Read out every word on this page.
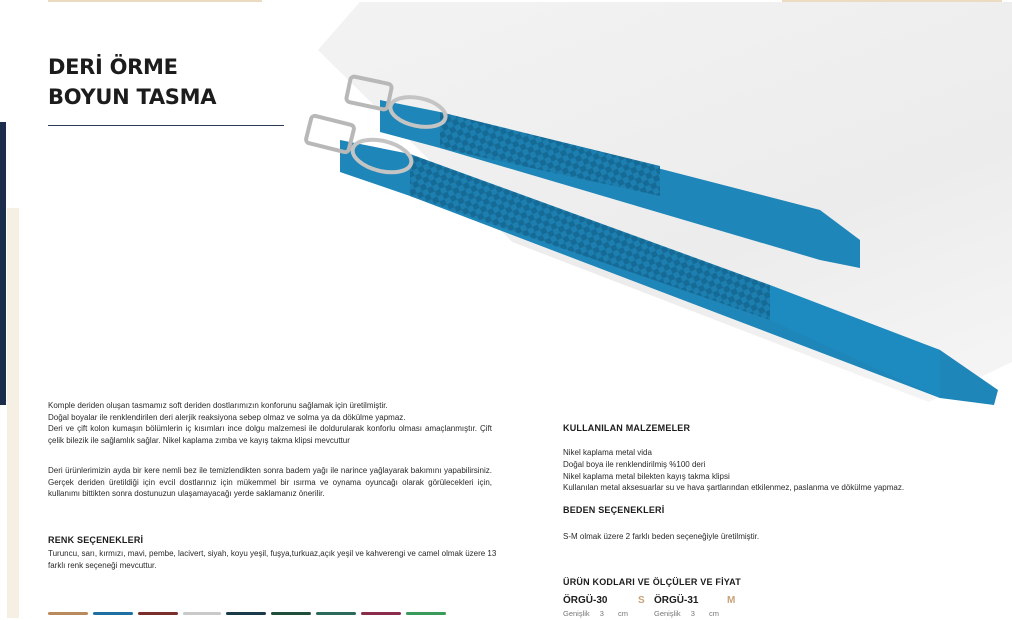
DERİ ÖRME
BOYUN TASMA

Komple deriden oluşan tasmamız soft deriden dostlarımızın konforunu sağlamak için üretilmiştir.

Doğal boyalar ile renklendirilen deri alerjik reaksiyona sebep olmaz ve solma ya da dökülme yapmaz.

Deri ve çift kolon kumaşın bölümlerin iç kısımları ince dolgu malzemesi ile doldurularak konforlu olması amaçlanmıştır. Çift çelik bilezik ile sağlamlık sağlar. Nikel kaplama zımba ve kayış takma klipsi mevcuttur

Deri ürünlerimizin ayda bir kere nemli bez ile temizlendikten sonra badem yağı ile narince yağlayarak bakımını yapabilirsiniz. Gerçek deriden üretildiği için evcil dostlarınız için mükemmel bir ısırma ve oynama oyuncağı olarak görülecekleri için, kullanımı bittikten sonra dostunuzun ulaşamayacağı yerde saklamanız önerilir.
RENK SEÇENEKLERİ
Turuncu, sarı, kırmızı, mavi, pembe, lacivert, siyah, koyu yeşil, fuşya,turkuaz,açık yeşil ve kahverengi ve camel olmak üzere 13 farklı renk seçeneği mevcuttur.
KULLANILAN MALZEMELER

Nikel kaplama metal vida

Doğal boya ile renklendirilmiş %100 deri

Nikel kaplama metal bilekten kayış takma klipsi

Kullanılan metal aksesuarlar su ve hava şartlarından etkilenmez, paslanma ve dökülme yapmaz.

BEDEN SEÇENEKLERİ
S-M olmak üzere 2 farklı beden seçeneğiyle üretilmiştir.
ÜRÜN KODLARI VE ÖLÇÜLER VE FİYAT
ÖRGÜ-30	S ÖRGÜ-31	M
Genişlik 3 cm	Genişlik 3 cm
